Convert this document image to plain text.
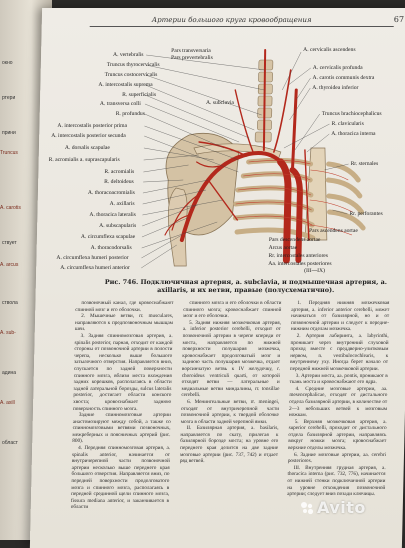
окно
ртери
прини
Truncus
A. carotis
ствует
A. arcus
ствола
A. sub-
адина
A. axill
област
Артерии большого круга кровообращения	67
A. vertebralis
Truncus thyrocervicalis
Truncus costocervicalis
A. intercostalis suprema
R. superficialis
A. transversa colli
R. profundus
A. intercostalis posterior prima
A. intercostalis posterior secunda
A. dorsalis scapulae
R. acromialis a. suprascapularis
R. acromialis
R. deltoideus
A. thoracoacromialis
A. axillaris
A. thoracica lateralis
A. subscapularis
A. circumflexa scapulae
A. thoracodorsalis
A. circumflexa humeri posterior
A. circumflexa humeri anterior
Pars transversaria
Pars prevertebralis
A. subclavia
A. cervicalis ascendens
A. cervicalis profunda
A. carotis communis dextra
A. thyroidea inferior
Truncus brachiocephalicus
R. clavicularis
A. thoracica interna
Rr. sternales
Rr. perforantes
Pars ascendens aortae
Pars descendens aortae
Arcus aortae
Rr. intercostales anteriores
Aa. intercostales posteriores
(III—IX)
Рис. 746. Подключичная артерия, a. subclavia, и подмышечная артерия, a. axillaris, и их ветви, правые (полусхематично).

позвоночный канал, где кровоснабжают спинной мозг и его оболочки.

2. Мышечные ветви, rr. musculares, направляются к предпозвоночным мышцам шеи.

3. Задняя спинномозговая артерия, a. spinalis posterior, парная, отходит от каждой стороны от позвоночной артерии в полости черепа, несколько выше большого затылочного отверстия. Направляется вниз, спускается по задней поверхности спинного мозга, вблизи места вхождения задних корешков, располагаясь в области задней латеральной борозды, sulcus lateralis posterior, достигает области конского хвоста; кровоснабжает заднюю поверхность спинного мозга.

Задние спинномозговые артерии анастомозируют между собой, а также со спинномозговыми ветвями позвоночных, межреберных и поясничных артерий (рис. 800).

4. Передняя спинномозговая артерия, a. spinalis anterior, начинается от внутричерепной части позвоночной артерии несколько выше переднего края большого отверстия. Направляется вниз, по передней поверхности продолговатого мозга и спинного мозга, располагаясь в передней срединной щели спинного мозга, fissura mediana anterior, и заканчивается в области

спинного мозга и его оболочки в области спинного мозга; кровоснабжает спинной мозг и его оболочки.

5. Задняя нижняя мозжечковая артерия, a. inferior posterior cerebelli, отходит от позвоночной артерии в черепе кпереди от моста, направляется по нижней поверхности полушария мозжечка, кровоснабжает продолговатый мозг и заднюю часть полушария мозжечка, отдает ворсинчатую ветвь к IV желудочку, r. choroideus ventriculi quarti, от которой отходят ветви — латеральные и медиальные ветви миндалины, rr. tonsillae cerebelli.

6. Менингеальные ветви, rr. meningei, отходят от внутричерепной части позвоночной артерии, к твердой оболочке мозга в области задней черепной ямки.

II. Базилярная артерия, a. basilaris, направляется по скату, прилегая к базилярной борозде моста; на уровне его переднего края делится на две задние мозговые артерии (рис. 737, 742) и отдает ряд ветвей.

1. Передняя нижняя мозжечковая артерия, a. inferior anterior cerebelli, может начинаться от базилярной, но и от позвоночной артерии и следует к передне-нижним отделам мозжечка.

2. Артерия лабиринта, a. labyrinthi, проникает через внутренний слуховой проход вместе с преддверно-улитковым нервом, n. vestibulocochlearis, к внутреннему уху. Иногда берет начало от передней нижней мозжечковой артерии.

3. Артерии моста, aa. pontis, проникают в ткань моста и кровоснабжают его ядра.

4. Средние мозговые артерии, aa. mesencephalicae, отходят от дистального отдела базилярной артерии, в количестве от 2—3 небольших ветвей к мозговым ножкам.

5. Верхняя мозжечковая артерия, a. superior cerebelli, проходит от дистального отдела базилярной артерии, направляясь вокруг ножки мозга; кровоснабжает верхние отделы мозжечка.

6. Задние мозговые артерии, aa. cerebri posteriores.

III. Внутренняя грудная артерия, a. thoracica interna (рис. 732, 776), начинается от нижней стенки подключичной артерии на уровне отхождения позвоночной артерии; следует вниз позади ключицы.

Avito
